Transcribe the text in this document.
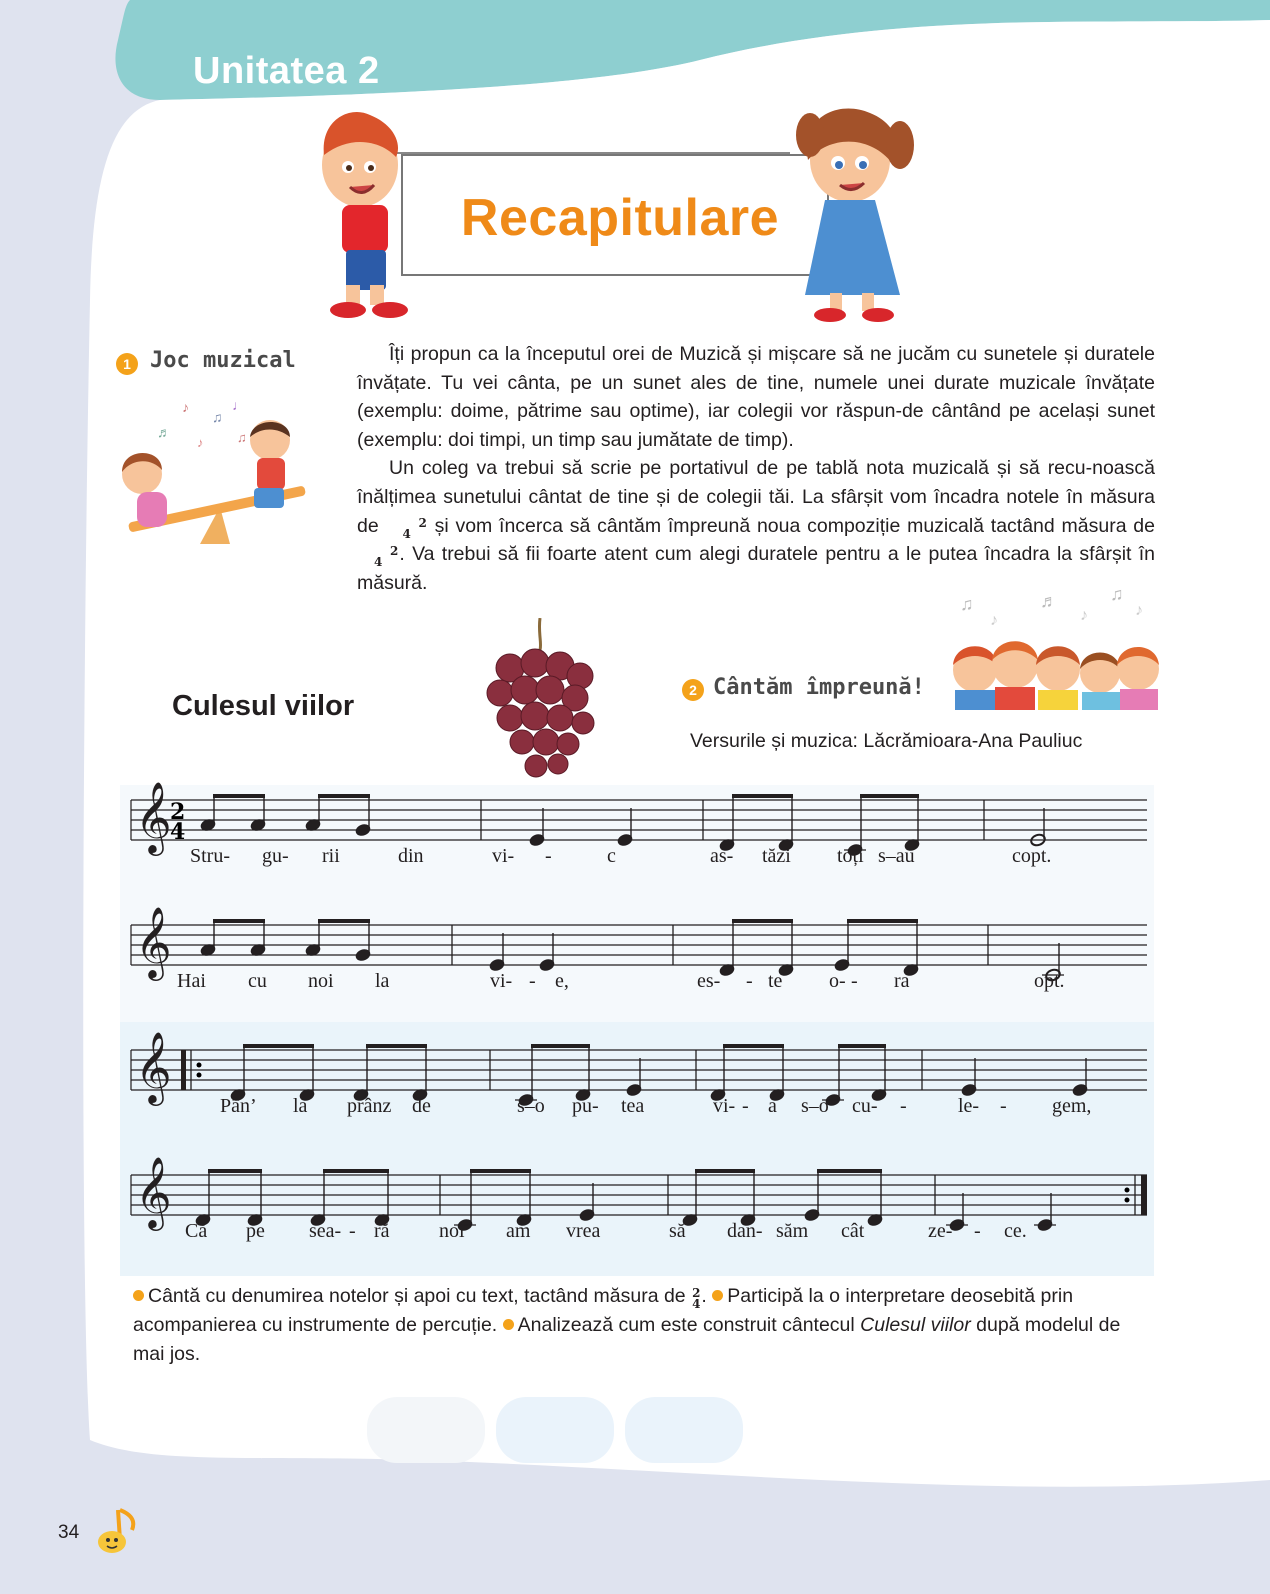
Unitatea 2
Recapitulare
1 Joc muzical
♪
♫
♩
♬
♪	♫

Îți propun ca la începutul orei de Muzică și mișcare să ne jucăm cu sunetele și duratele învățate. Tu vei cânta, pe un sunet ales de tine, numele unei durate muzicale învățate (exemplu: doime, pătrime sau optime), iar colegii vor răspun-de cântând pe același sunet (exemplu: doi timpi, un timp sau jumătate de timp).

Un coleg va trebui să scrie pe portativul de pe tablă nota muzicală și să recu-noască înălțimea sunetului cântat de tine și de colegii tăi. La sfârșit vom încadra notele în măsura de	2
4 și vom încerca să cântăm împreună noua compoziție muzicală tactând măsura de 2
4 . Va trebui să fii foarte atent cum alegi duratele pentru a le putea încadra la sfârșit în măsură.

2 Cântăm împreună!
♫
♪
♬
♪
♫
♪
Culesul viilor
Versurile și muzica: Lăcrămioara-Ana Pauliuc
𝄞
2
4
𝄞
𝄞
𝄞
Stru- gu- rii	din	vi- -	c	as- tăzi toți s–au	copt.
Hai cu noi la	vi- - e,	es- - te o- - ra	opt.
Pân’ la prânz de	s–o pu- tea	vi- - a s–o cu- -	le- - gem,
Că pe sea- - ră noi am vrea	să dan- săm cât	ze- - ce.
Cântă cu denumirea notelor și apoi cu text, tactând măsura de 2
4. Participă la o interpretare deosebită prin acompanierea cu instrumente de percuție. Analizează cum este construit cântecul Culesul viilor după modelul de mai jos.
34
